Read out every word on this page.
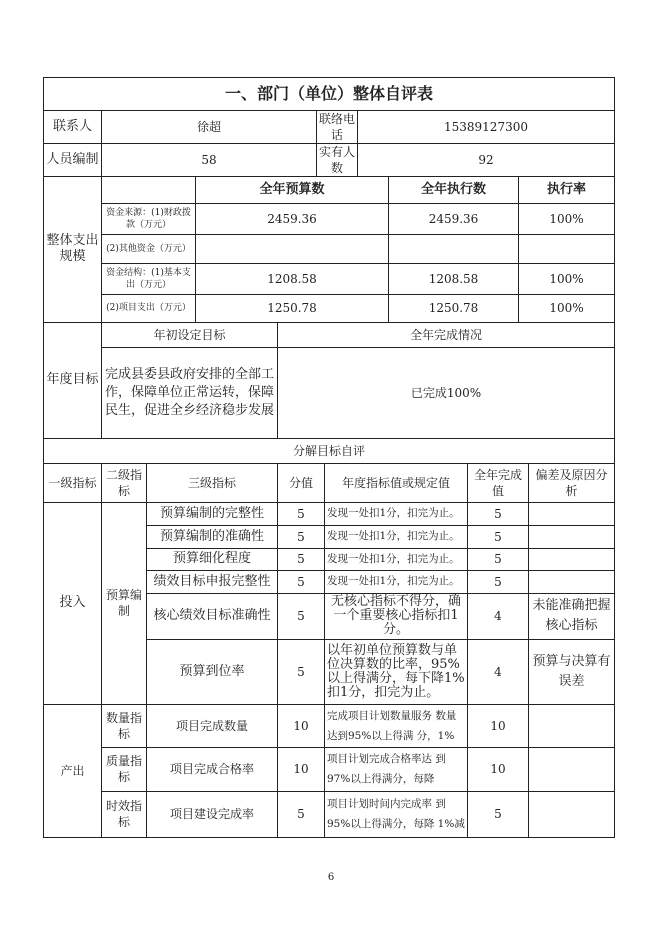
一、部门（单位）整体自评表			
联系人	徐超	联络电话	15389127300
人员编制	58	实有人数	92
整体支出规模		全年预算数	全年执行数	执行率
	资金来源：(1)财政拨款（万元）	2459.36	2459.36	100%
	(2)其他资金（万元）			
	资金结构：(1)基本支出（万元）	1208.58	1208.58	100%
	(2)项目支出（万元）	1250.78	1250.78	100%
年度目标	年初设定目标	全年完成情况
	完成县委县政府安排的全部工作，保障单位正常运转，保障民生，促进全乡经济稳步发展	已完成100%
分解目标自评						
一级指标	二级指标	三级指标	分值	年度指标值或规定值	全年完成值	偏差及原因分析
投入	预算编制	预算编制的完整性	5	发现一处扣1分，扣完为止。	5	
		预算编制的准确性	5	发现一处扣1分，扣完为止。	5	
		预算细化程度	5	发现一处扣1分，扣完为止。	5	
		绩效目标申报完整性	5	发现一处扣1分，扣完为止。	5	
		核心绩效目标准确性	5	无核心指标不得分，确一个重要核心指标扣1分。	4	未能准确把握核心指标
		预算到位率	5	以年初单位预算数与单位决算数的比率，95%以上得满分，每下降1%扣1分，扣完为止。	4	预算与决算有误差
产出	数量指标	项目完成数量	10	完成项目计划数量服务 数量达到95%以上得满 分，1%	10	
	质量指标	项目完成合格率	10	项目计划完成合格率达 到97%以上得满分，每降	10	
	时效指标	项目建设完成率	5	项目计划时间内完成率 到95%以上得满分，每降 1%减	5	
6
